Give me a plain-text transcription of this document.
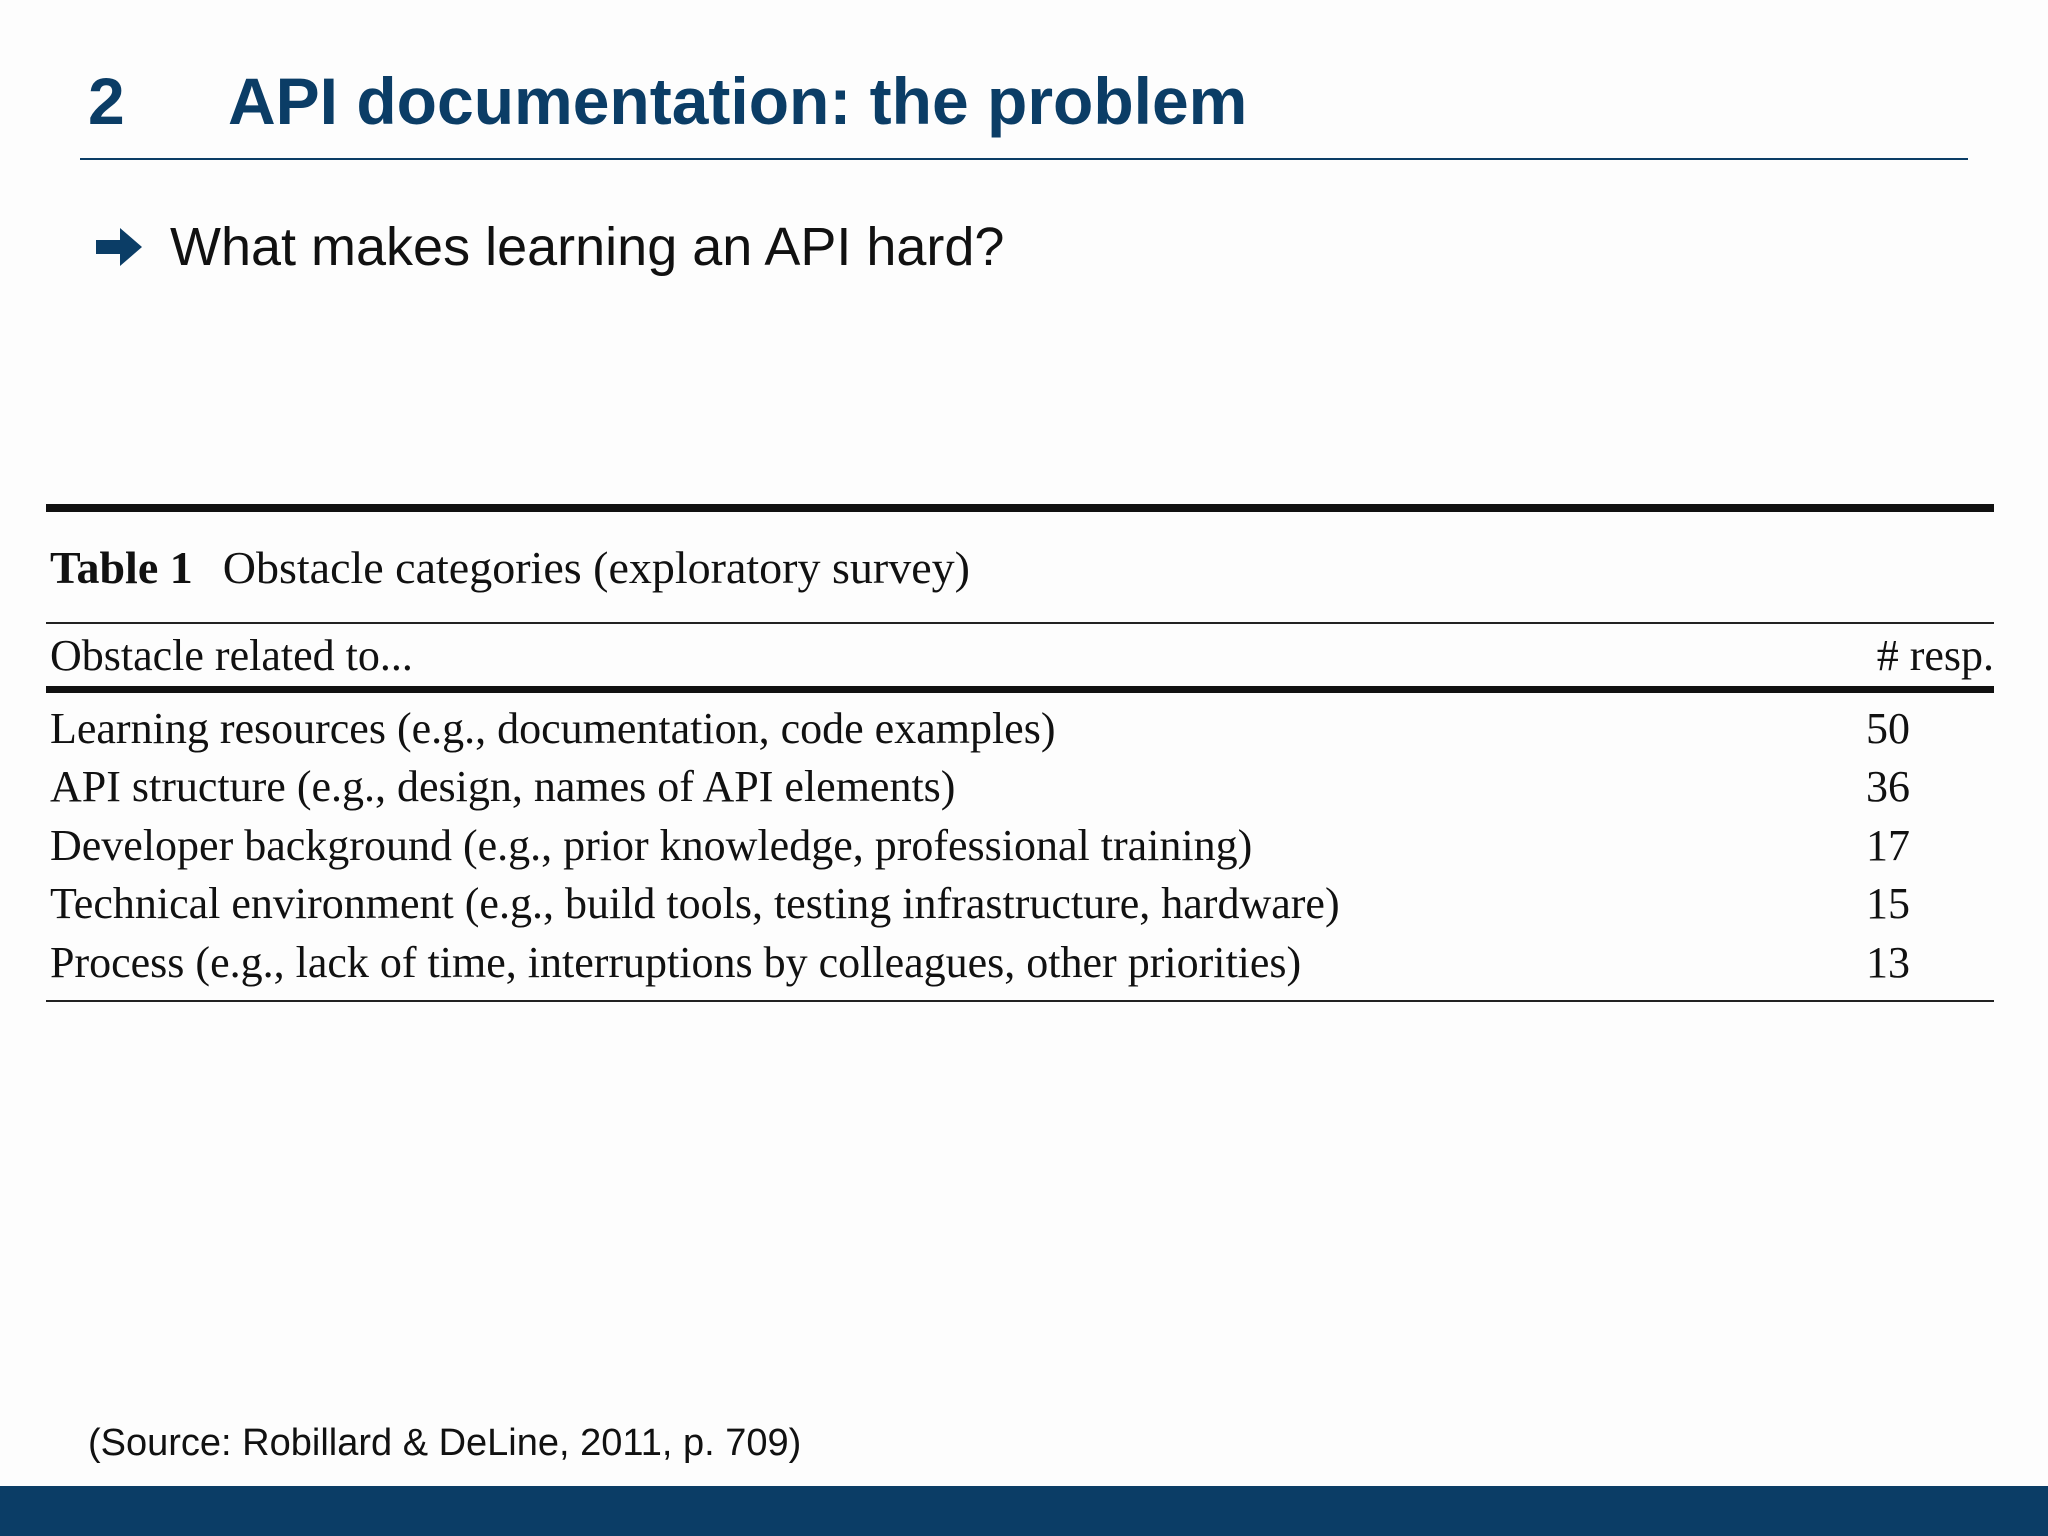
2 API documentation: the problem
What makes learning an API hard?
Table 1 Obstacle categories (exploratory survey)
Obstacle related to...	# resp.
Learning resources (e.g., documentation, code examples)	50
API structure (e.g., design, names of API elements)	36
Developer background (e.g., prior knowledge, professional training)	17
Technical environment (e.g., build tools, testing infrastructure, hardware)	15
Process (e.g., lack of time, interruptions by colleagues, other priorities)	13
(Source: Robillard & DeLine, 2011, p. 709)
